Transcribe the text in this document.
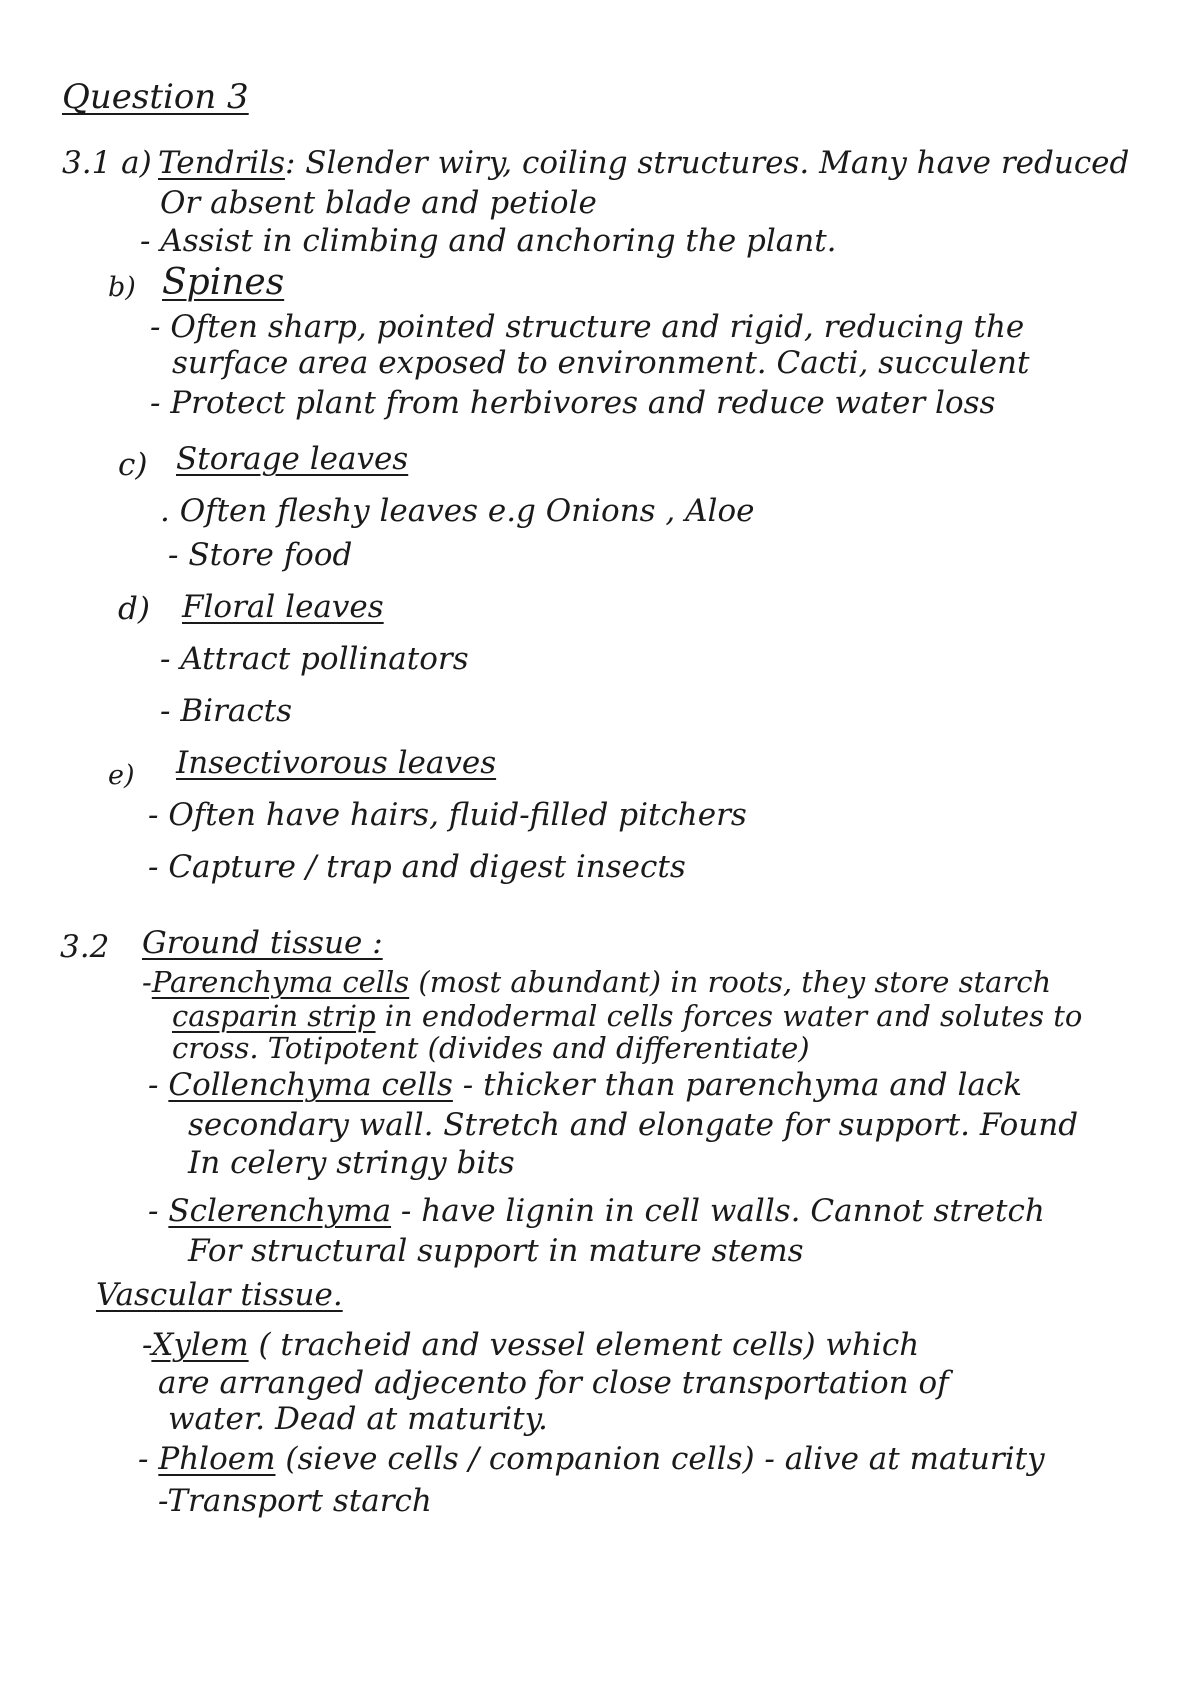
Question 3
3.1 a) Tendrils: Slender wiry, coiling structures. Many have reduced
Or absent blade and petiole
- Assist in climbing and anchoring the plant.
b) Spines
- Often sharp, pointed structure and rigid, reducing the
surface area exposed to environment. Cacti, succulent
- Protect plant from herbivores and reduce water loss
c) Storage leaves
. Often fleshy leaves e.g Onions , Aloe
- Store food
d) Floral leaves
- Attract pollinators
- Biracts
e) Insectivorous leaves
- Often have hairs, fluid-filled pitchers
- Capture / trap and digest insects
3.2 Ground tissue :
-Parenchyma cells (most abundant) in roots, they store starch
casparin strip in endodermal cells forces water and solutes to
cross. Totipotent (divides and differentiate)
- Collenchyma cells - thicker than parenchyma and lack
secondary wall. Stretch and elongate for support. Found
In celery stringy bits
- Sclerenchyma - have lignin in cell walls. Cannot stretch
For structural support in mature stems
Vascular tissue.
-Xylem ( tracheid and vessel element cells) which
are arranged adjecento for close transportation of
water. Dead at maturity.
- Phloem (sieve cells / companion cells) - alive at maturity
-Transport starch
